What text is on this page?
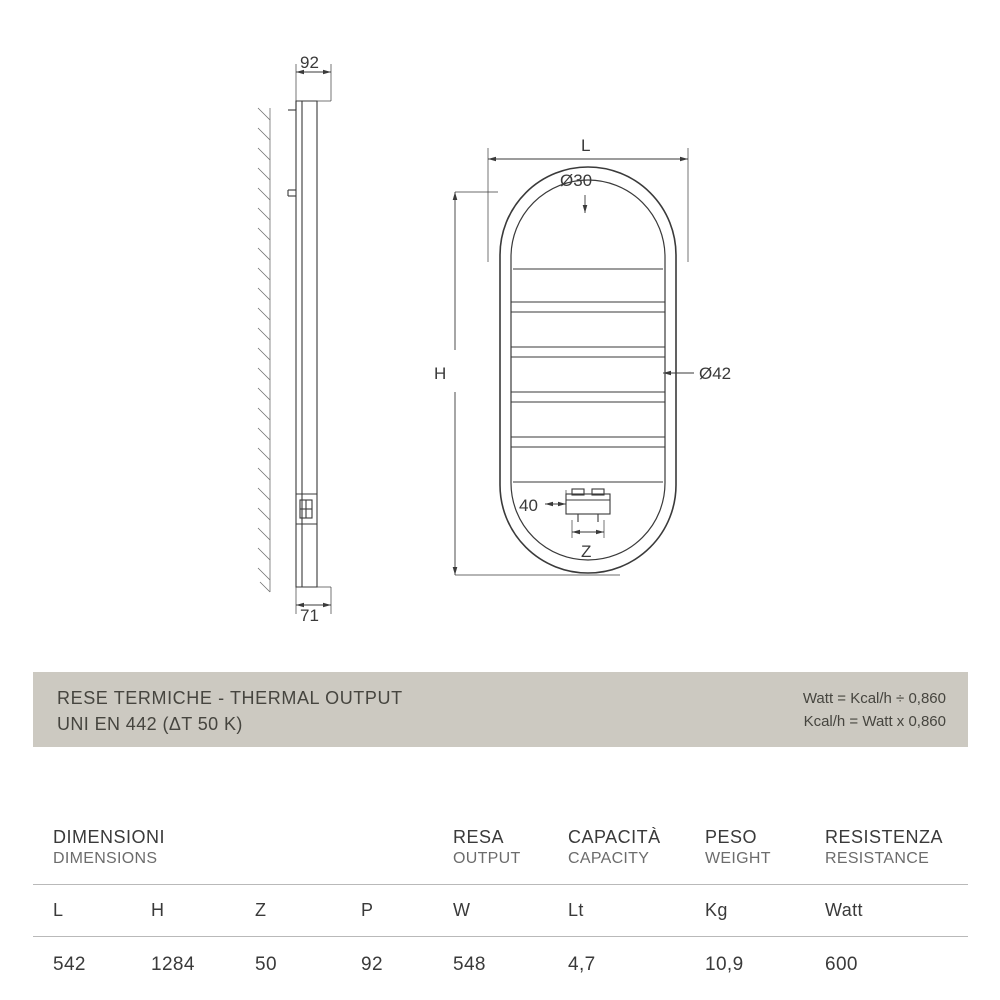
92
71
L
H
Ø30
Ø42
40
Z
RESE TERMICHE - THERMAL OUTPUT
UNI EN 442 (ΔT 50 K)
Watt = Kcal/h ÷ 0,860
Kcal/h = Watt x 0,860
DIMENSIONI
DIMENSIONS
RESA
OUTPUT
CAPACITÀ
CAPACITY
PESO
WEIGHT
RESISTENZA
RESISTANCE
L	H	Z	P	W	Lt	Kg	Watt
542	1284	50	92	548	4,7	10,9	600
